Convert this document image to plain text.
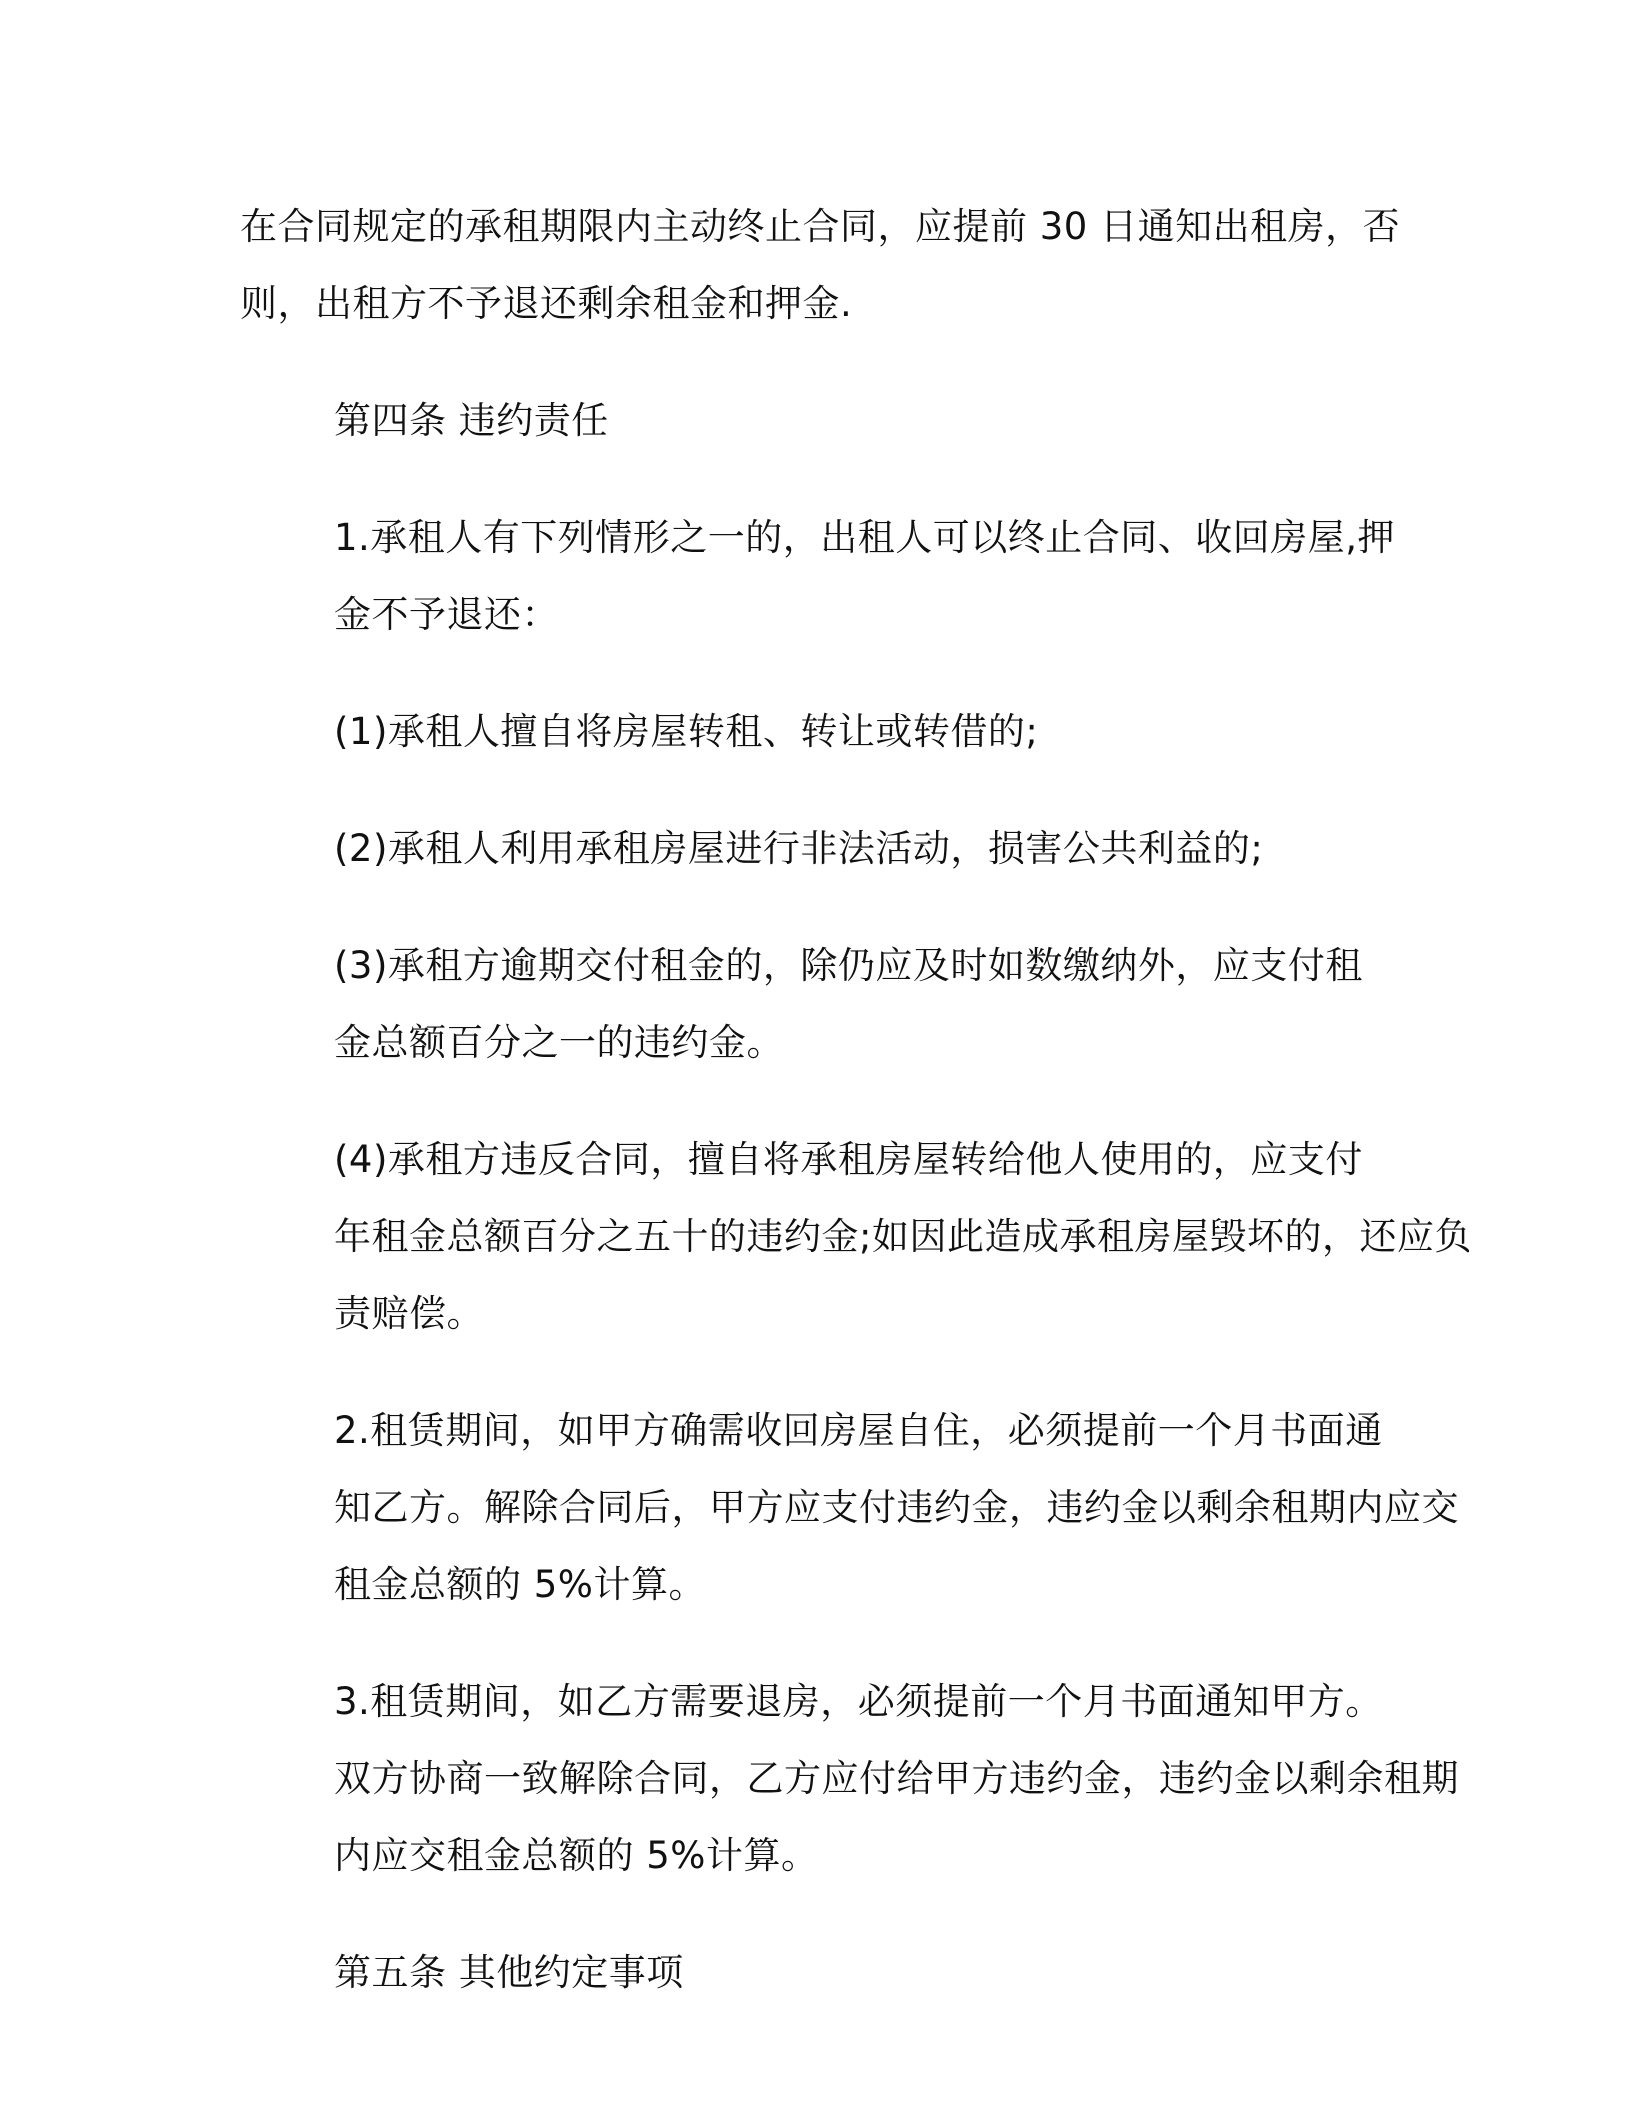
在合同规定的承租期限内主动终止合同，应提前 30 日通知出租房，否
则，出租方不予退还剩余租金和押金.

第四条 违约责任

1.承租人有下列情形之一的，出租人可以终止合同、收回房屋,押
金不予退还：

(1)承租人擅自将房屋转租、转让或转借的;

(2)承租人利用承租房屋进行非法活动，损害公共利益的;

(3)承租方逾期交付租金的，除仍应及时如数缴纳外，应支付租
金总额百分之一的违约金。

(4)承租方违反合同，擅自将承租房屋转给他人使用的，应支付
年租金总额百分之五十的违约金;如因此造成承租房屋毁坏的，还应负
责赔偿。

2.租赁期间，如甲方确需收回房屋自住，必须提前一个月书面通
知乙方。解除合同后，甲方应支付违约金，违约金以剩余租期内应交
租金总额的 5%计算。

3.租赁期间，如乙方需要退房，必须提前一个月书面通知甲方。
双方协商一致解除合同，乙方应付给甲方违约金，违约金以剩余租期
内应交租金总额的 5%计算。

第五条 其他约定事项
